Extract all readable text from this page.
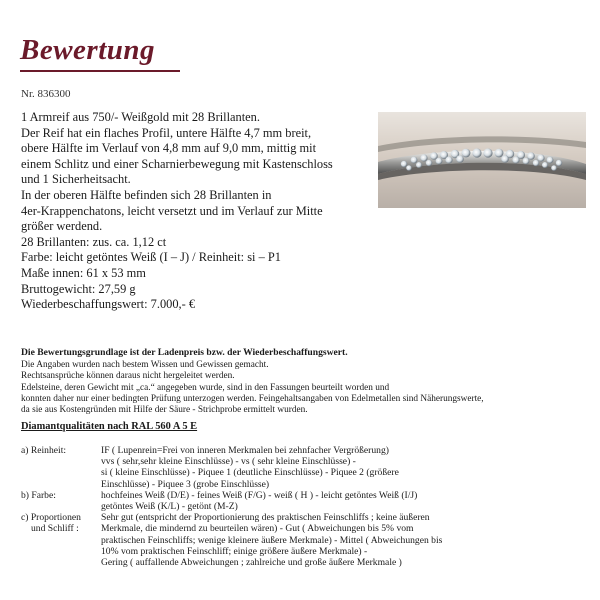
Bewertung
Nr. 836300
1 Armreif aus 750/- Weißgold mit 28 Brillanten.
Der Reif hat ein flaches Profil, untere Hälfte 4,7 mm breit,
obere Hälfte im Verlauf von 4,8 mm auf 9,0 mm, mittig mit
einem Schlitz und einer Scharnierbewegung mit Kastenschloss
und 1 Sicherheitsacht.
In der oberen Hälfte befinden sich 28 Brillanten in
4er-Krappenchatons, leicht versetzt und im Verlauf zur Mitte
größer werdend.
28 Brillanten: zus. ca. 1,12 ct
Farbe: leicht getöntes Weiß (I – J) / Reinheit: si – P1
Maße innen: 61 x 53 mm
Bruttogewicht: 27,59 g
Wiederbeschaffungswert: 7.000,- €
Die Bewertungsgrundlage ist der Ladenpreis bzw. der Wiederbeschaffungswert.
Die Angaben wurden nach bestem Wissen und Gewissen gemacht.
Rechtsansprüche können daraus nicht hergeleitet werden.
Edelsteine, deren Gewicht mit „ca.“ angegeben wurde, sind in den Fassungen beurteilt worden und
konnten daher nur einer bedingten Prüfung unterzogen werden. Feingehaltsangaben von Edelmetallen sind Näherungswerte,
da sie aus Kostengründen mit Hilfe der Säure - Strichprobe ermittelt wurden.
Diamantqualitäten nach RAL 560 A 5 E
a) Reinheit:	IF ( Lupenrein=Frei von inneren Merkmalen bei zehnfacher Vergrößerung)
vvs ( sehr,sehr kleine Einschlüsse) - vs ( sehr kleine Einschlüsse) -
si ( kleine Einschlüsse) - Piquee 1 (deutliche Einschlüsse) - Piquee 2 (größere
Einschlüsse) - Piquee 3 (grobe Einschlüsse)
b) Farbe:	hochfeines Weiß (D/E) - feines Weiß (F/G) - weiß ( H ) - leicht getöntes Weiß (I/J)
getöntes Weiß (K/L) - getönt (M-Z)
c) Proportionen
und Schliff :
Sehr gut (entspricht der Proportionierung des praktischen Feinschliffs ; keine äußeren
Merkmale, die mindernd zu beurteilen wären) - Gut ( Abweichungen bis 5% vom
praktischen Feinschliffs; wenige kleinere äußere Merkmale) - Mittel ( Abweichungen bis
10% vom praktischen Feinschliff; einige größere äußere Merkmale) -
Gering ( auffallende Abweichungen ; zahlreiche und große äußere Merkmale )
